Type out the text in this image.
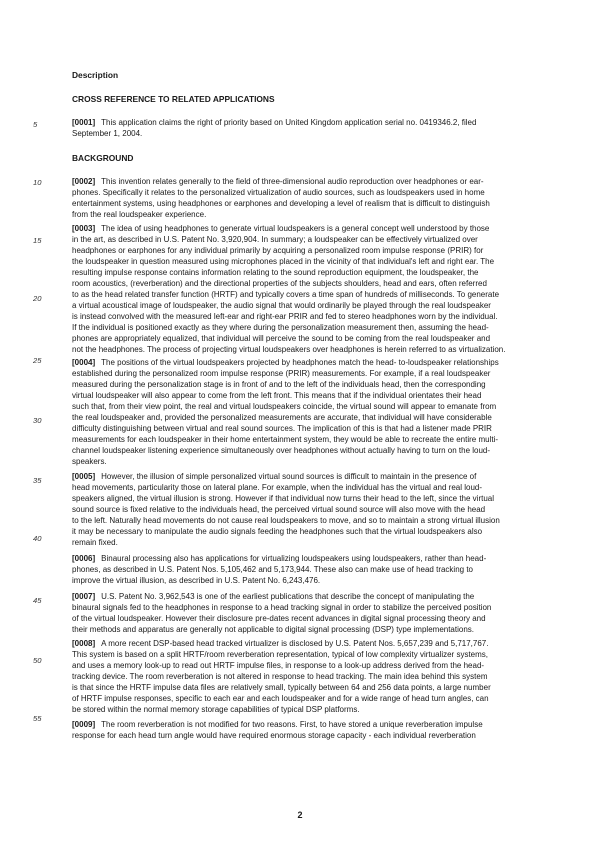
Description
CROSS REFERENCE TO RELATED APPLICATIONS
[0001] This application claims the right of priority based on United Kingdom application serial no. 0419346.2, filed
September 1, 2004.
BACKGROUND
[0002] This invention relates generally to the field of three-dimensional audio reproduction over headphones or ear-
phones. Specifically it relates to the personalized virtualization of audio sources, such as loudspeakers used in home
entertainment systems, using headphones or earphones and developing a level of realism that is difficult to distinguish
from the real loudspeaker experience.
[0003] The idea of using headphones to generate virtual loudspeakers is a general concept well understood by those
in the art, as described in U.S. Patent No. 3,920,904. In summary; a loudspeaker can be effectively virtualized over
headphones or earphones for any individual primarily by acquiring a personalized room impulse response (PRIR) for
the loudspeaker in question measured using microphones placed in the vicinity of that individual's left and right ear. The
resulting impulse response contains information relating to the sound reproduction equipment, the loudspeaker, the
room acoustics, (reverberation) and the directional properties of the subjects shoulders, head and ears, often referred
to as the head related transfer function (HRTF) and typically covers a time span of hundreds of milliseconds. To generate
a virtual acoustical image of loudspeaker, the audio signal that would ordinarily be played through the real loudspeaker
is instead convolved with the measured left-ear and right-ear PRIR and fed to stereo headphones worn by the individual.
If the individual is positioned exactly as they where during the personalization measurement then, assuming the head-
phones are appropriately equalized, that individual will perceive the sound to be coming from the real loudspeaker and
not the headphones. The process of projecting virtual loudspeakers over headphones is herein referred to as virtualization.
[0004] The positions of the virtual loudspeakers projected by headphones match the head- to-loudspeaker relationships
established during the personalized room impulse response (PRIR) measurements. For example, if a real loudspeaker
measured during the personalization stage is in front of and to the left of the individuals head, then the corresponding
virtual loudspeaker will also appear to come from the left front. This means that if the individual orientates their head
such that, from their view point, the real and virtual loudspeakers coincide, the virtual sound will appear to emanate from
the real loudspeaker and, provided the personalized measurements are accurate, that individual will have considerable
difficulty distinguishing between virtual and real sound sources. The implication of this is that had a listener made PRIR
measurements for each loudspeaker in their home entertainment system, they would be able to recreate the entire multi-
channel loudspeaker listening experience simultaneously over headphones without actually having to turn on the loud-
speakers.
[0005] However, the illusion of simple personalized virtual sound sources is difficult to maintain in the presence of
head movements, particularity those on lateral plane. For example, when the individual has the virtual and real loud-
speakers aligned, the virtual illusion is strong. However if that individual now turns their head to the left, since the virtual
sound source is fixed relative to the individuals head, the perceived virtual sound source will also move with the head
to the left. Naturally head movements do not cause real loudspeakers to move, and so to maintain a strong virtual illusion
it may be necessary to manipulate the audio signals feeding the headphones such that the virtual loudspeakers also
remain fixed.
[0006] Binaural processing also has applications for virtualizing loudspeakers using loudspeakers, rather than head-
phones, as described in U.S. Patent Nos. 5,105,462 and 5,173,944. These also can make use of head tracking to
improve the virtual illusion, as described in U.S. Patent No. 6,243,476.
[0007] U.S. Patent No. 3,962,543 is one of the earliest publications that describe the concept of manipulating the
binaural signals fed to the headphones in response to a head tracking signal in order to stabilize the perceived position
of the virtual loudspeaker. However their disclosure pre-dates recent advances in digital signal processing theory and
their methods and apparatus are generally not applicable to digital signal processing (DSP) type implementations.
[0008] A more recent DSP-based head tracked virtualizer is disclosed by U.S. Patent Nos. 5,657,239 and 5,717,767.
This system is based on a split HRTF/room reverberation representation, typical of low complexity virtualizer systems,
and uses a memory look-up to read out HRTF impulse files, in response to a look-up address derived from the head-
tracking device. The room reverberation is not altered in response to head tracking. The main idea behind this system
is that since the HRTF impulse data files are relatively small, typically between 64 and 256 data points, a large number
of HRTF impulse responses, specific to each ear and each loudspeaker and for a wide range of head turn angles, can
be stored within the normal memory storage capabilities of typical DSP platforms.
[0009] The room reverberation is not modified for two reasons. First, to have stored a unique reverberation impulse
response for each head turn angle would have required enormous storage capacity - each individual reverberation
5
10
15
20
25
30
35
40
45
50
55
2
